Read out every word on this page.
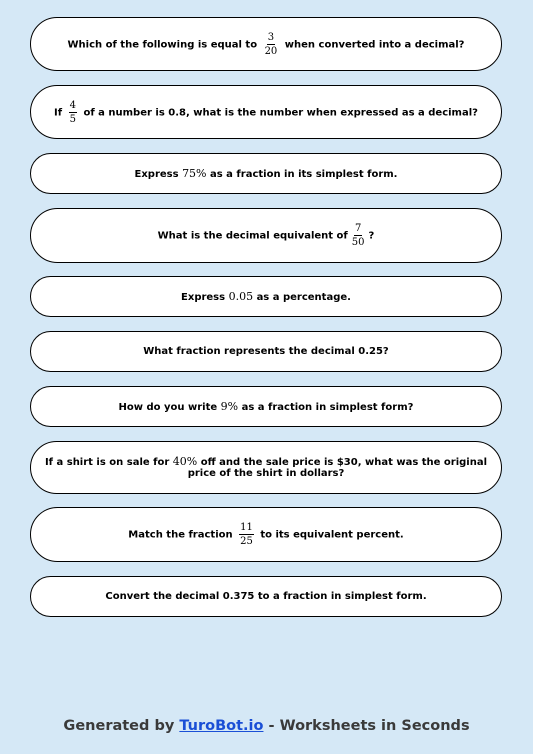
Which of the following is equal to $\frac{3}{20}$ when converted into a decimal?
If $\frac{4}{5}$ of a number is 0.8, what is the number when expressed as a decimal?
Express 75% as a fraction in its simplest form.
What is the decimal equivalent of $\frac{7}{50}$ ?
Express 0.05 as a percentage.
What fraction represents the decimal 0.25?
How do you write 9% as a fraction in simplest form?
If a shirt is on sale for 40% off and the sale price is $30, what was the original price of the shirt in dollars?
Match the fraction $\frac{11}{25}$ to its equivalent percent.
Convert the decimal 0.375 to a fraction in simplest form.
Generated by TuroBot.io - Worksheets in Seconds
